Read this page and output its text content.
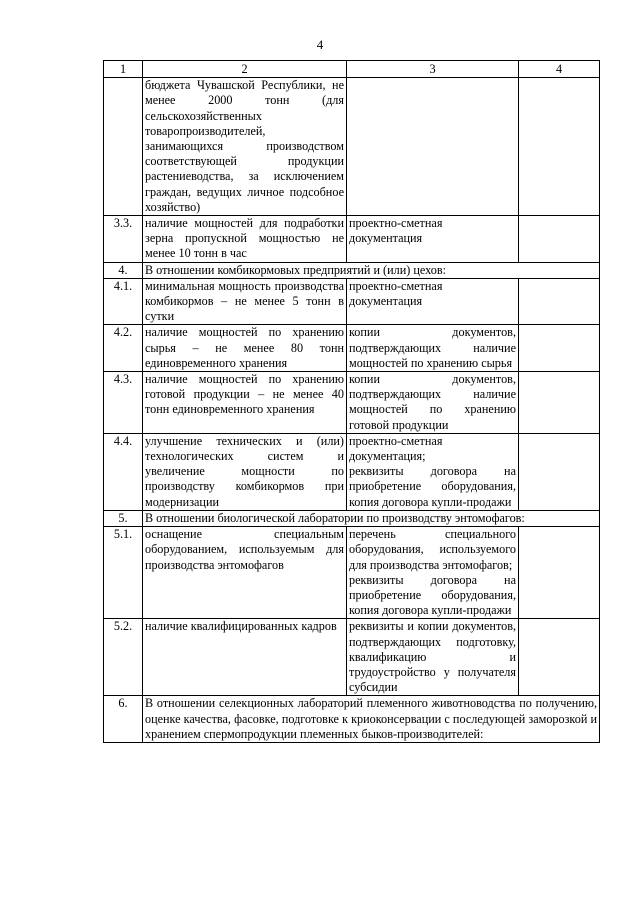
4
1	2	3	4
	бюджета Чувашской Республики, не менее 2000 тонн (для сельскохозяйственных товаропроизводителей, занимающихся производством соответствующей продукции растениеводства, за исключением граждан, ведущих личное подсобное хозяйство)		
3.3.	наличие мощностей для подработки зерна пропускной мощностью не менее 10 тонн в час	проектно-сметная документация	
4.	В отношении комбикормовых предприятий и (или) цехов:		
4.1.	минимальная мощность производства комбикормов – не менее 5 тонн в сутки	проектно-сметная документация	
4.2.	наличие мощностей по хранению сырья – не менее 80 тонн единовременного хранения	копии документов, подтверждающих наличие мощностей по хранению сырья	
4.3.	наличие мощностей по хранению готовой продукции – не менее 40 тонн единовременного хранения	копии документов, подтверждающих наличие мощностей по хранению готовой продукции	
4.4.	улучшение технических и (или) технологических систем и увеличение мощности по производству комбикормов при модернизации	проектно-сметная документация;
реквизиты договора на приобретение оборудования, копия договора купли-продажи	

5.	В отношении биологической лаборатории по производству энтомофагов:		
5.1.	оснащение специальным оборудованием, используемым для производства энтомофагов	перечень специального оборудования, используемого для производства энтомофагов;
реквизиты договора на приобретение оборудования, копия договора купли-продажи	

5.2.	наличие квалифицированных кадров	реквизиты и копии документов, подтверждающих подготовку, квалификацию и трудоустройство у получателя субсидии	
6.	В отношении селекционных лабораторий племенного животноводства по получению, оценке качества, фасовке, подготовке к криоконсервации с последующей заморозкой и хранением спермопродукции племенных быков-производителей:		
